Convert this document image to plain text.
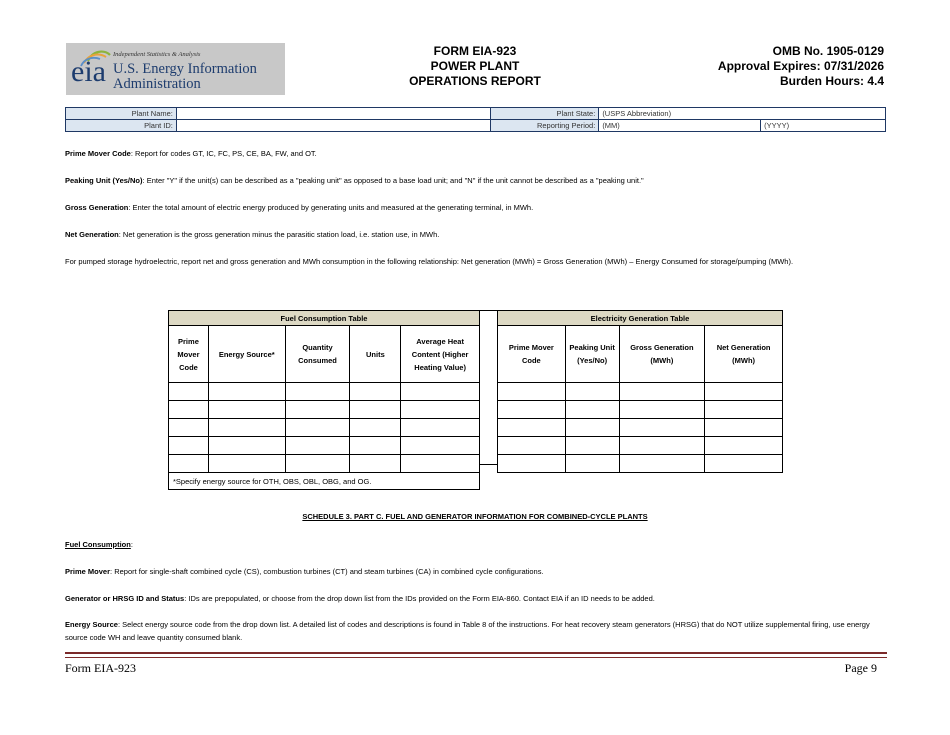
eia
Independent Statistics & Analysis
U.S. Energy Information
Administration
FORM EIA-923
POWER PLANT
OPERATIONS REPORT
OMB No. 1905-0129
Approval Expires: 07/31/2026
Burden Hours: 4.4
Plant Name:		Plant State:	(USPS Abbreviation)	
Plant ID:		Reporting Period:	(MM)	(YYYY)
Prime Mover Code: Report for codes GT, IC, FC, PS, CE, BA, FW, and OT.
Peaking Unit (Yes/No): Enter "Y" if the unit(s) can be described as a "peaking unit" as opposed to a base load unit; and "N" if the unit cannot be described as a "peaking unit."
Gross Generation: Enter the total amount of electric energy produced by generating units and measured at the generating terminal, in MWh.
Net Generation: Net generation is the gross generation minus the parasitic station load, i.e. station use, in MWh.
For pumped storage hydroelectric, report net and gross generation and MWh consumption in the following relationship: Net generation (MWh) = Gross Generation (MWh) – Energy Consumed for storage/pumping (MWh).
Fuel Consumption Table				
Prime Mover Code	Energy Source*	Quantity Consumed	Units	Average Heat Content (Higher Heating Value)

*Specify energy source for OTH, OBS, OBL, OBG, and OG.				
Electricity Generation Table			
Prime Mover Code	Peaking Unit (Yes/No)	Gross Generation (MWh)	Net Generation (MWh)

SCHEDULE 3. PART C. FUEL AND GENERATOR INFORMATION FOR COMBINED-CYCLE PLANTS
Fuel Consumption:
Prime Mover: Report for single-shaft combined cycle (CS), combustion turbines (CT) and steam turbines (CA) in combined cycle configurations.
Generator or HRSG ID and Status: IDs are prepopulated, or choose from the drop down list from the IDs provided on the Form EIA-860. Contact EIA if an ID needs to be added.
Energy Source: Select energy source code from the drop down list. A detailed list of codes and descriptions is found in Table 8 of the instructions. For heat recovery steam generators (HRSG) that do NOT utilize supplemental firing, use energy source code WH and leave quantity consumed blank.
Form EIA-923	Page 9
